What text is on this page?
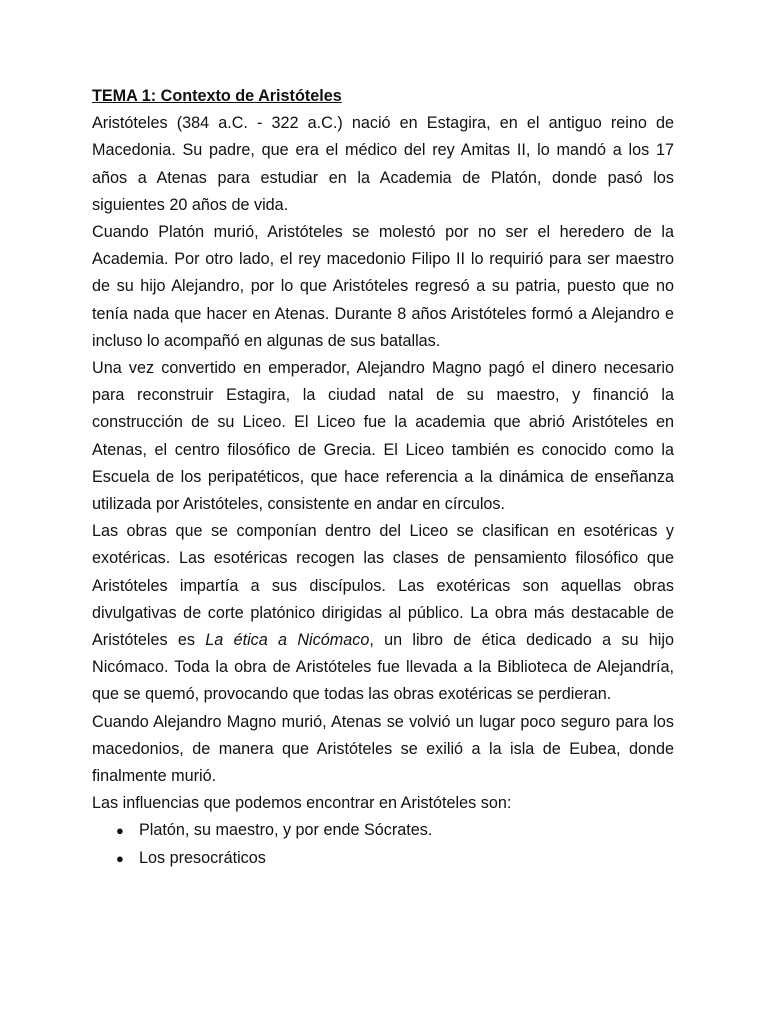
TEMA 1: Contexto de Aristóteles

Aristóteles (384 a.C. - 322 a.C.) nació en Estagira, en el antiguo reino de Macedonia. Su padre, que era el médico del rey Amitas II, lo mandó a los 17 años a Atenas para estudiar en la Academia de Platón, donde pasó los siguientes 20 años de vida.

Cuando Platón murió, Aristóteles se molestó por no ser el heredero de la Academia. Por otro lado, el rey macedonio Filipo II lo requirió para ser maestro de su hijo Alejandro, por lo que Aristóteles regresó a su patria, puesto que no tenía nada que hacer en Atenas. Durante 8 años Aristóteles formó a Alejandro e incluso lo acompañó en algunas de sus batallas.

Una vez convertido en emperador, Alejandro Magno pagó el dinero necesario para reconstruir Estagira, la ciudad natal de su maestro, y financió la construcción de su Liceo. El Liceo fue la academia que abrió Aristóteles en Atenas, el centro filosófico de Grecia. El Liceo también es conocido como la Escuela de los peripatéticos, que hace referencia a la dinámica de enseñanza utilizada por Aristóteles, consistente en andar en círculos.

Las obras que se componían dentro del Liceo se clasifican en esotéricas y exotéricas. Las esotéricas recogen las clases de pensamiento filosófico que Aristóteles impartía a sus discípulos. Las exotéricas son aquellas obras divulgativas de corte platónico dirigidas al público. La obra más destacable de Aristóteles es La ética a Nicómaco, un libro de ética dedicado a su hijo Nicómaco. Toda la obra de Aristóteles fue llevada a la Biblioteca de Alejandría, que se quemó, provocando que todas las obras exotéricas se perdieran.

Cuando Alejandro Magno murió, Atenas se volvió un lugar poco seguro para los macedonios, de manera que Aristóteles se exilió a la isla de Eubea, donde finalmente murió.

Las influencias que podemos encontrar en Aristóteles son:

● Platón, su maestro, y por ende Sócrates.
● Los presocráticos
